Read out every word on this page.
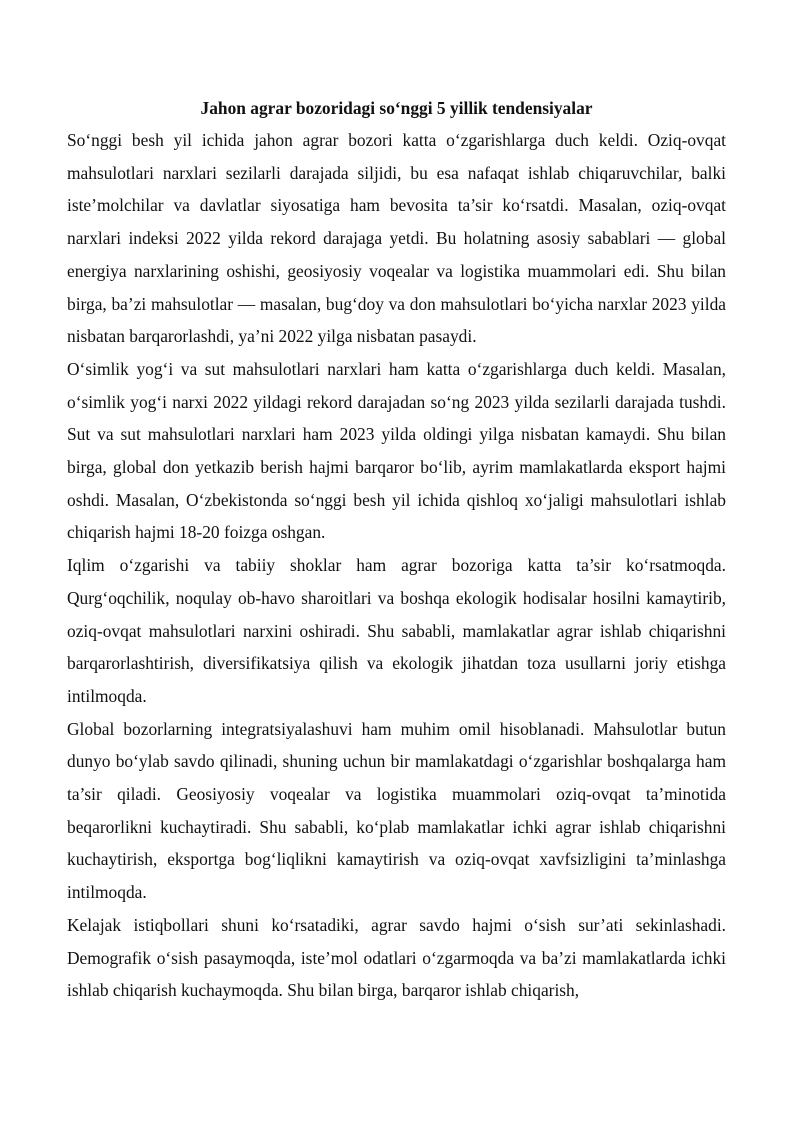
Jahon agrar bozoridagi so‘nggi 5 yillik tendensiyalar

So‘nggi besh yil ichida jahon agrar bozori katta o‘zgarishlarga duch keldi. Oziq-ovqat mahsulotlari narxlari sezilarli darajada siljidi, bu esa nafaqat ishlab chiqaruvchilar, balki iste’molchilar va davlatlar siyosatiga ham bevosita ta’sir ko‘rsatdi. Masalan, oziq-ovqat narxlari indeksi 2022 yilda rekord darajaga yetdi. Bu holatning asosiy sabablari — global energiya narxlarining oshishi, geosiyosiy voqealar va logistika muammolari edi. Shu bilan birga, ba’zi mahsulotlar — masalan, bug‘doy va don mahsulotlari bo‘yicha narxlar 2023 yilda nisbatan barqarorlashdi, ya’ni 2022 yilga nisbatan pasaydi.

O‘simlik yog‘i va sut mahsulotlari narxlari ham katta o‘zgarishlarga duch keldi. Masalan, o‘simlik yog‘i narxi 2022 yildagi rekord darajadan so‘ng 2023 yilda sezilarli darajada tushdi. Sut va sut mahsulotlari narxlari ham 2023 yilda oldingi yilga nisbatan kamaydi. Shu bilan birga, global don yetkazib berish hajmi barqaror bo‘lib, ayrim mamlakatlarda eksport hajmi oshdi. Masalan, O‘zbekistonda so‘nggi besh yil ichida qishloq xo‘jaligi mahsulotlari ishlab chiqarish hajmi 18-20 foizga oshgan.

Iqlim o‘zgarishi va tabiiy shoklar ham agrar bozoriga katta ta’sir ko‘rsatmoqda. Qurg‘oqchilik, noqulay ob-havo sharoitlari va boshqa ekologik hodisalar hosilni kamaytirib, oziq-ovqat mahsulotlari narxini oshiradi. Shu sababli, mamlakatlar agrar ishlab chiqarishni barqarorlashtirish, diversifikatsiya qilish va ekologik jihatdan toza usullarni joriy etishga intilmoqda.

Global bozorlarning integratsiyalashuvi ham muhim omil hisoblanadi. Mahsulotlar butun dunyo bo‘ylab savdo qilinadi, shuning uchun bir mamlakatdagi o‘zgarishlar boshqalarga ham ta’sir qiladi. Geosiyosiy voqealar va logistika muammolari oziq-ovqat ta’minotida beqarorlikni kuchaytiradi. Shu sababli, ko‘plab mamlakatlar ichki agrar ishlab chiqarishni kuchaytirish, eksportga bog‘liqlikni kamaytirish va oziq-ovqat xavfsizligini ta’minlashga intilmoqda.

Kelajak istiqbollari shuni ko‘rsatadiki, agrar savdo hajmi o‘sish sur’ati sekinlashadi. Demografik o‘sish pasaymoqda, iste’mol odatlari o‘zgarmoqda va ba’zi mamlakatlarda ichki ishlab chiqarish kuchaymoqda. Shu bilan birga, barqaror ishlab chiqarish,
